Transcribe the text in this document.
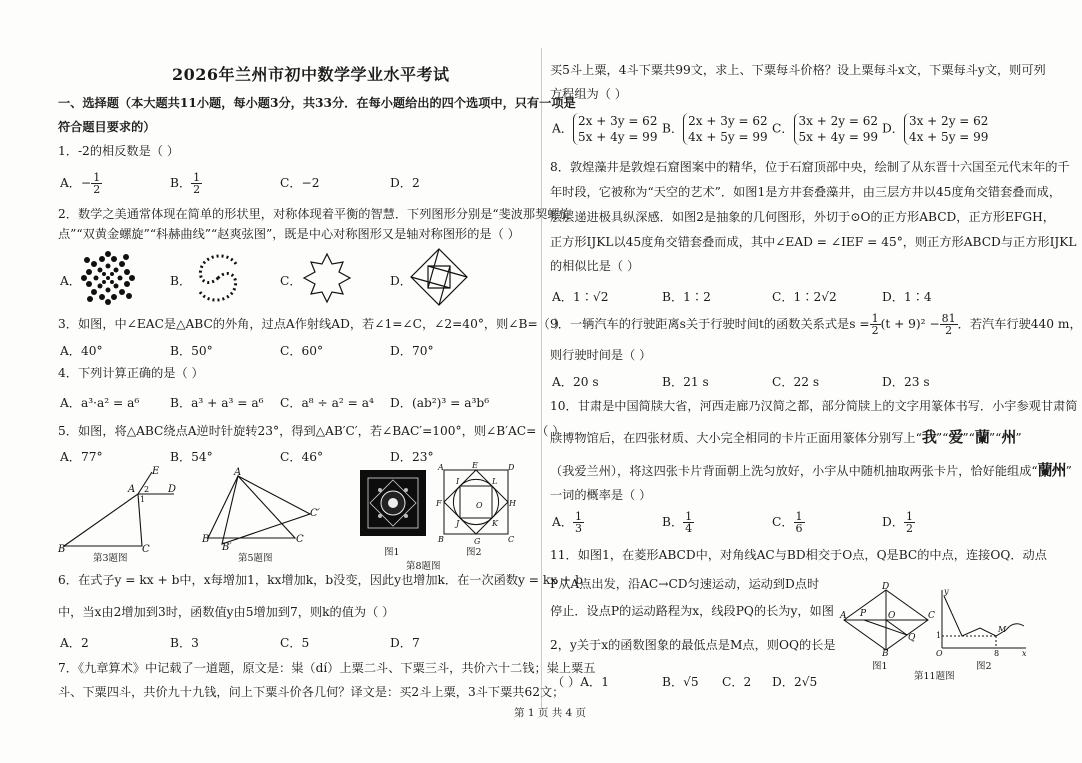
2026年兰州市初中数学学业水平考试
一、选择题（本大题共11小题，每小题3分，共33分．在每小题给出的四个选项中，只有一项是
符合题目要求的）
1．-2的相反数是（ ）
A．− $\frac{1}{2}$	B． $\frac{1}{2}$	C．−2	D．2
2．数学之美通常体现在简单的形状里，对称体现着平衡的智慧．下列图形分别是“斐波那契螺旋
点”“双黄金螺旋”“科赫曲线”“赵爽弦图”，既是中心对称图形又是轴对称图形的是（ ）
A．	B．	C．	D．
3．如图，中∠EAC是△ABC的外角，过点A作射线AD，若∠1=∠C，∠2=40°，则∠B=（ ）
A．40°	B．50°	C．60°	D．70°
4．下列计算正确的是（ ）
A．a³·a² = a⁶	B．a³ + a³ = a⁶ C．a⁸ ÷ a² = a⁴ D．(ab²)³ = a³b⁶
5．如图，将△ABC绕点A逆时针旋转23°，得到△AB′C′，若∠BAC′=100°，则∠B′AC=（ ）
A．77°	B．54°	C．46°	D．23°
B	C
A
E
D
1
2
第3题图
A
B	C
B′
C′
第5题图
图1
A	E	D
H
B	C
G
F	O
I	L
J	K
图2
第8题图
6．在式子y = kx + b中，x每增加1，kx增加k，b没变，因此y也增加k．在一次函数y = kx + b
中，当x由2增加到3时，函数值y由5增加到7，则k的值为（ ）
A．2	B．3	C．5	D．7
7．《九章算术》中记载了一道题，原文是：粜（dí）上粟二斗、下粟三斗，共价六十二钱；粜上粟五
斗、下粟四斗，共价九十九钱，问上下粟斗价各几何？译文是：买2斗上粟，3斗下粟共62文；
买5斗上粟，4斗下粟共99文，求上、下粟每斗价格？设上粟每斗x文，下粟每斗y文，则可列
方程组为（ ）
A．
2x + 3y = 62
5x + 4y = 99
B．
2x + 3y = 62
4x + 5y = 99
C．
3x + 2y = 62
5x + 4y = 99
D．
3x + 2y = 62
4x + 5y = 99
8．敦煌藻井是敦煌石窟图案中的精华，位于石窟顶部中央，绘制了从东晋十六国至元代末年的千
年时段，它被称为“天空的艺术”．如图1是方井套叠藻井，由三层方井以45度角交错套叠而成，
层层递进极具纵深感．如图2是抽象的几何图形，外切于⊙O的正方形ABCD，正方形EFGH，
正方形IJKL以45度角交错套叠而成，其中∠EAD = ∠IEF = 45°，则正方形ABCD与正方形IJKL
的相似比是（ ）
A．1∶√2	B．1∶2	C．1∶2√2	D．1∶4
9．一辆汽车的行驶距离s关于行驶时间t的函数关系式是$s = \frac{1}{2} (t + 9)^2 - \frac{81}{2}$ ．若汽车行驶440 m，
则行驶时间是（ ）
A．20 s	B．21 s	C．22 s	D．23 s
10．甘肃是中国简牍大省，河西走廊乃汉简之都，部分简牍上的文字用篆体书写．小宇参观甘肃简
牍博物馆后，在四张材质、大小完全相同的卡片正面用篆体分别写上“我”“爱”“蘭”“州”
（我爱兰州），将这四张卡片背面朝上洗匀放好，小宇从中随机抽取两张卡片，恰好能组成“蘭州”
一词的概率是（ ）
A． $\frac{1}{3}$	B． $\frac{1}{4}$	C． $\frac{1}{6}$	D． $\frac{1}{2}$
11．如图1，在菱形ABCD中，对角线AC与BD相交于O点，Q是BC的中点，连接OQ．动点
P从A点出发，沿AC→CD匀速运动，运动到D点时
停止．设点P的运动路程为x，线段PQ的长为y，如图
2，y关于x的函数图象的最低点是M点，则OQ的长是
（ ）A．1	B．√5 C．2 D．2√5
D
A	C
B
O
P
Q
图1
y
x
O	8
1
M
图2
第11题图
第 1 页 共 4 页
